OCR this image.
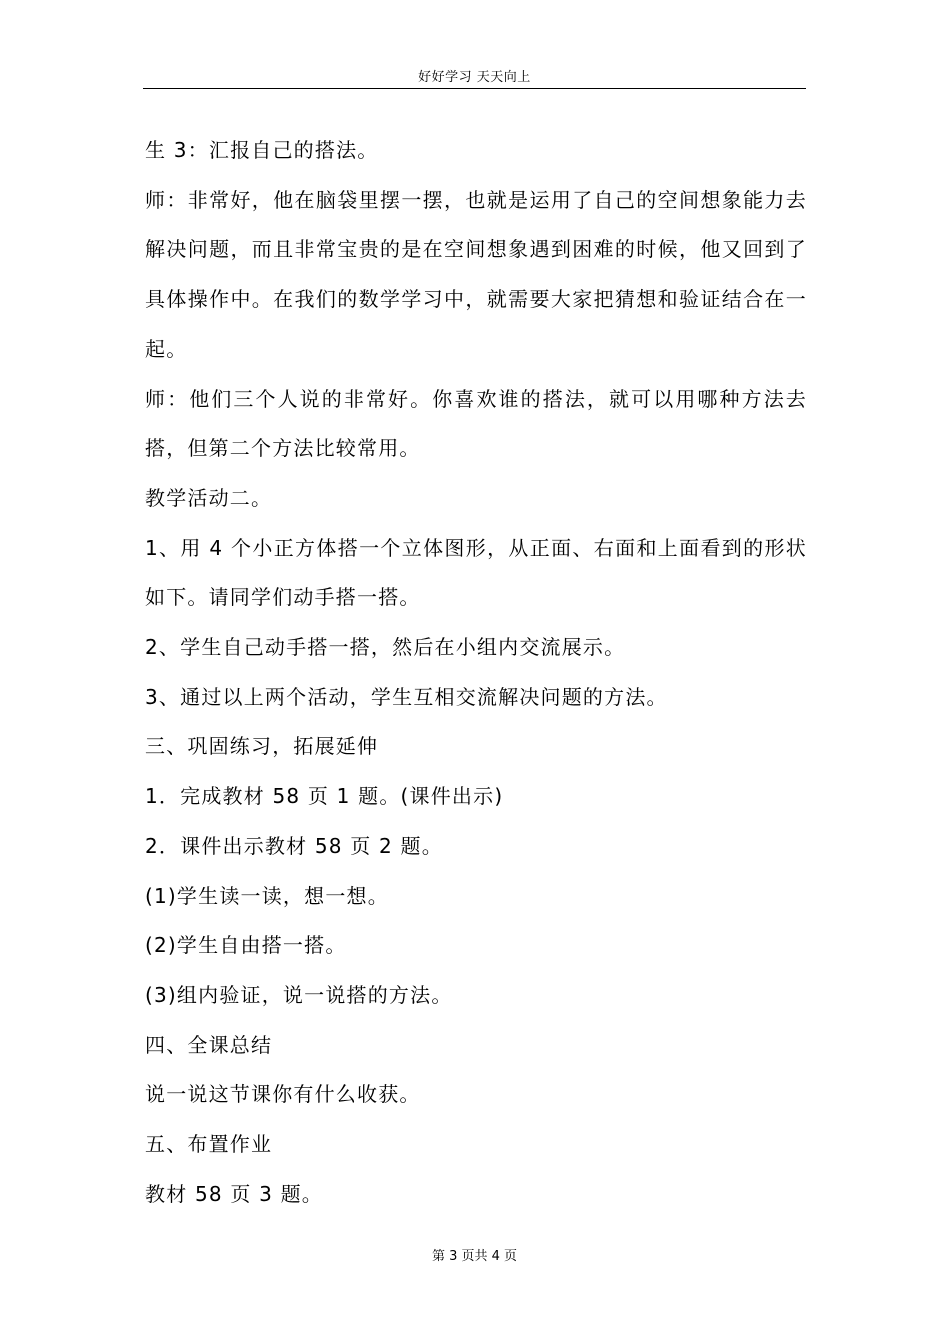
好好学习 天天向上

生 3：汇报自己的搭法。

师：非常好，他在脑袋里摆一摆，也就是运用了自己的空间想象能力去解决问题，而且非常宝贵的是在空间想象遇到困难的时候，他又回到了具体操作中。在我们的数学学习中，就需要大家把猜想和验证结合在一起。

师：他们三个人说的非常好。你喜欢谁的搭法，就可以用哪种方法去搭，但第二个方法比较常用。

教学活动二。

1、用 4 个小正方体搭一个立体图形，从正面、右面和上面看到的形状如下。请同学们动手搭一搭。

2、学生自己动手搭一搭，然后在小组内交流展示。

3、通过以上两个活动，学生互相交流解决问题的方法。

三、巩固练习，拓展延伸

1．完成教材 58 页 1 题。(课件出示)

2．课件出示教材 58 页 2 题。

(1)学生读一读，想一想。

(2)学生自由搭一搭。

(3)组内验证，说一说搭的方法。

四、全课总结

说一说这节课你有什么收获。

五、布置作业

教材 58 页 3 题。

第 3 页共 4 页
